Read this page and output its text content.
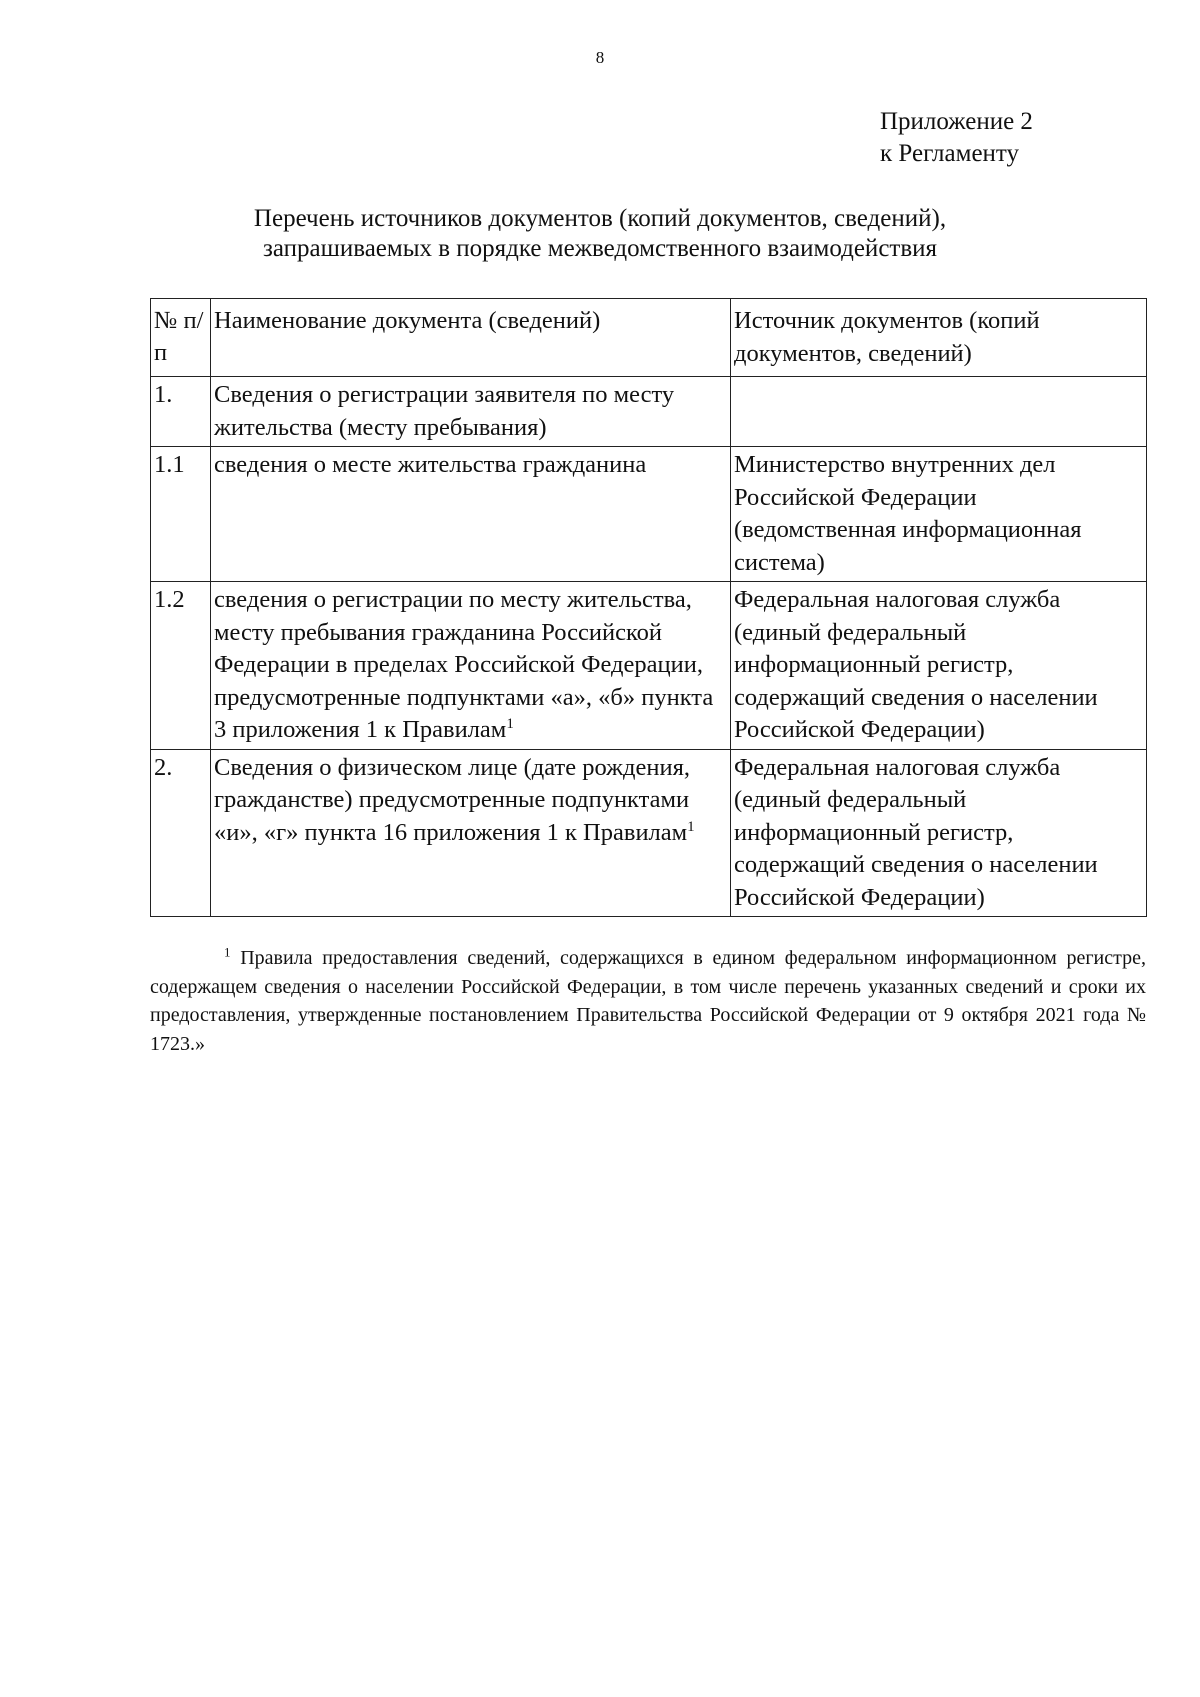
8
Приложение 2
к Регламенту
Перечень источников документов (копий документов, сведений),
запрашиваемых в порядке межведомственного взаимодействия
№ п/п	Наименование документа (сведений)	Источник документов (копий документов, сведений)
1.	Сведения о регистрации заявителя по месту жительства (месту пребывания)	
1.1	сведения о месте жительства гражданина	Министерство внутренних дел Российской Федерации (ведомственная информационная система)
1.2	сведения о регистрации по месту жительства, месту пребывания гражданина Российской Федерации в пределах Российской Федерации, предусмотренные подпунктами «а», «б» пункта 3 приложения 1 к Правилам$^1$	Федеральная налоговая служба (единый федеральный информационный регистр, содержащий сведения о населении Российской Федерации)
2.	Сведения о физическом лице (дате рождения, гражданстве) предусмотренные подпунктами «и», «г» пункта 16 приложения 1 к Правилам$^1$	Федеральная налоговая служба (единый федеральный информационный регистр, содержащий сведения о населении Российской Федерации)
$^1$ Правила предоставления сведений, содержащихся в едином федеральном информационном регистре, содержащем сведения о населении Российской Федерации, в том числе перечень указанных сведений и сроки их предоставления, утвержденные постановлением Правительства Российской Федерации от 9 октября 2021 года № 1723.»
